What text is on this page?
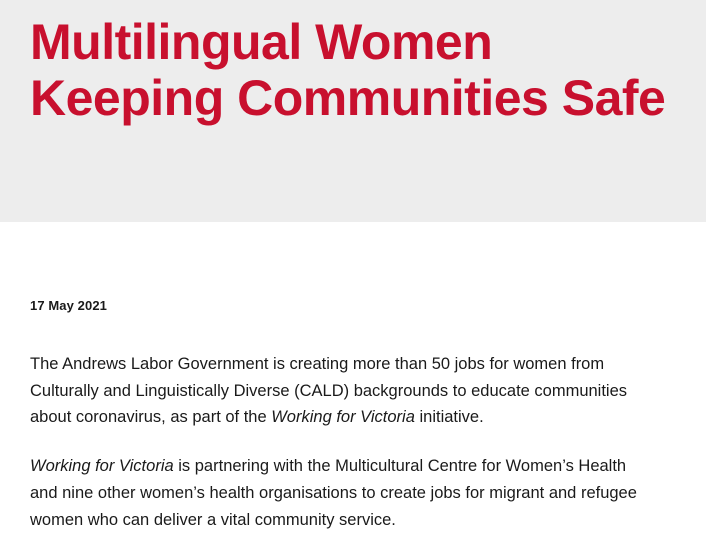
Multilingual Women Keeping Communities Safe
17 May 2021

The Andrews Labor Government is creating more than 50 jobs for women from Culturally and Linguistically Diverse (CALD) backgrounds to educate communities about coronavirus, as part of the Working for Victoria initiative.

Working for Victoria is partnering with the Multicultural Centre for Women’s Health and nine other women’s health organisations to create jobs for migrant and refugee women who can deliver a vital community service.
